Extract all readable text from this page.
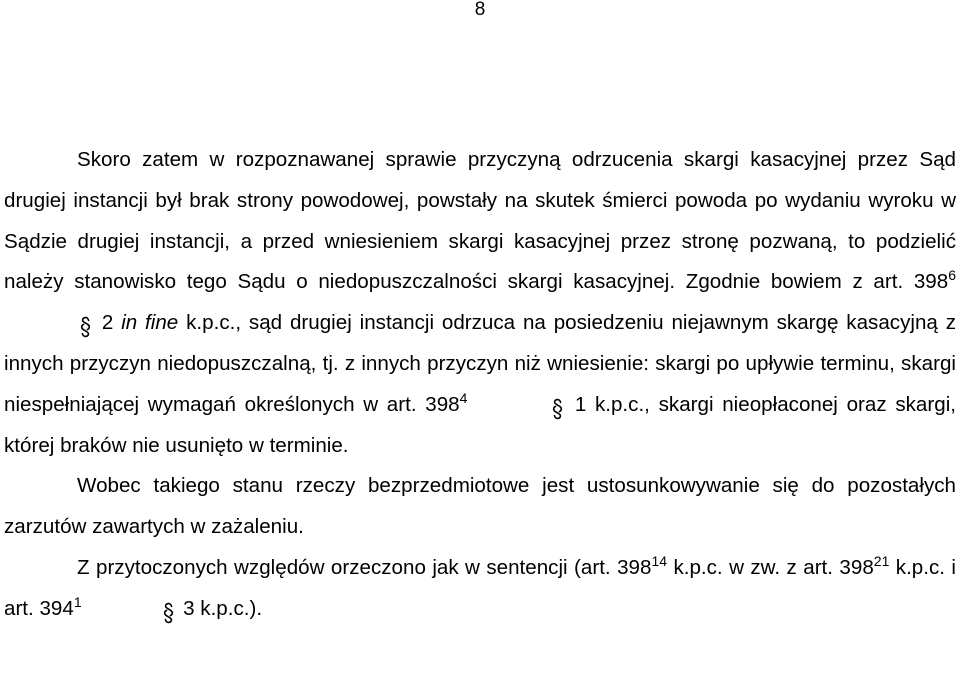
8

Skoro zatem w rozpoznawanej sprawie przyczyną odrzucenia skargi kasacyjnej przez Sąd drugiej instancji był brak strony powodowej, powstały na skutek śmierci powoda po wydaniu wyroku w Sądzie drugiej instancji, a przed wniesieniem skargi kasacyjnej przez stronę pozwaną, to podzielić należy stanowisko tego Sądu o niedopuszczalności skargi kasacyjnej. Zgodnie bowiem z art. $398^6$  2 in fine k.p.c., sąd drugiej instancji odrzuca na posiedzeniu niejawnym skargę kasacyjną z innych przyczyn niedopuszczalną, tj. z innych przyczyn niż wniesienie: skargi po upływie terminu, skargi niespełniającej wymagań określonych w art. $398^4$	1 k.p.c., skargi nieopłaconej oraz skargi, której braków nie usunięto w terminie.

Wobec takiego stanu rzeczy bezprzedmiotowe jest ustosunkowywanie się do pozostałych zarzutów zawartych w zażaleniu.

Z przytoczonych względów orzeczono jak w sentencji (art. $398^{14}$ k.p.c. w zw. z art. $398^{21}$ k.p.c. i art. $394^1$	3 k.p.c.).
